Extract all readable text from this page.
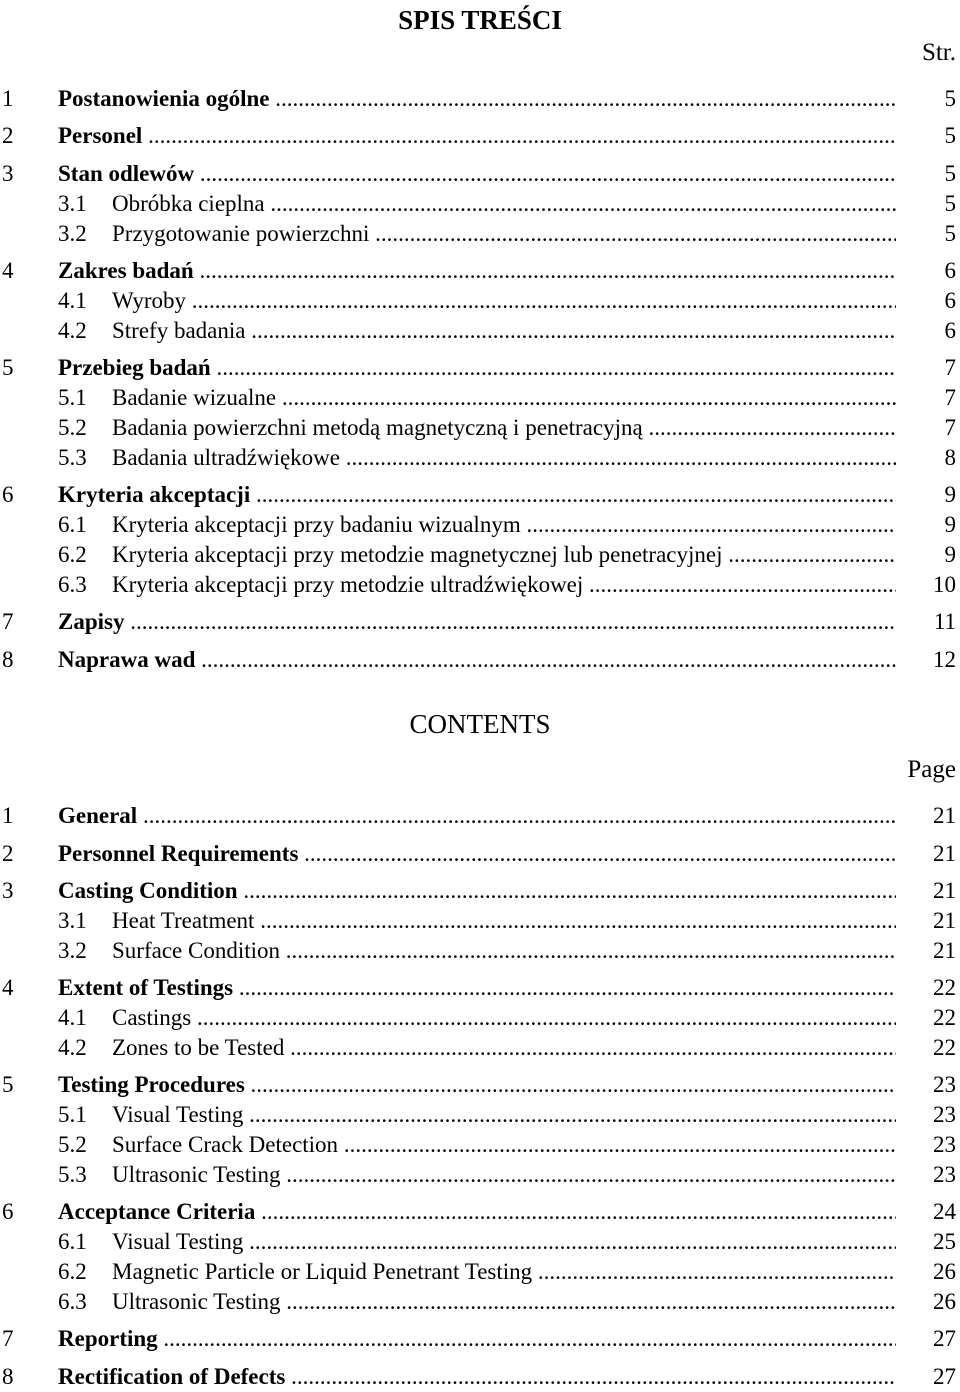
SPIS TREŚCI
Str.
1 Postanowienia ogólne .....	5
2 Personel .....	5
3 Stan odlewów .....	5
3.1 Obróbka cieplna .....	5
3.2 Przygotowanie powierzchni .....	5
4 Zakres badań .....	6
4.1 Wyroby .....	6
4.2 Strefy badania .....	6
5 Przebieg badań .....	7
5.1 Badanie wizualne .....	7
5.2 Badania powierzchni metodą magnetyczną i penetracyjną .....	7
5.3 Badania ultradźwiękowe .....	8
6 Kryteria akceptacji .....	9
6.1 Kryteria akceptacji przy badaniu wizualnym .....	9
6.2 Kryteria akceptacji przy metodzie magnetycznej lub penetracyjnej .....	9
6.3 Kryteria akceptacji przy metodzie ultradźwiękowej .....	10
7 Zapisy .....	11
8 Naprawa wad .....	12
CONTENTS
Page
1 General .....	21
2 Personnel Requirements .....	21
3 Casting Condition .....	21
3.1 Heat Treatment .....	21
3.2 Surface Condition .....	21
4 Extent of Testings .....	22
4.1 Castings .....	22
4.2 Zones to be Tested .....	22
5 Testing Procedures .....	23
5.1 Visual Testing .....	23
5.2 Surface Crack Detection .....	23
5.3 Ultrasonic Testing .....	23
6 Acceptance Criteria .....	24
6.1 Visual Testing .....	25
6.2 Magnetic Particle or Liquid Penetrant Testing .....	26
6.3 Ultrasonic Testing .....	26
7 Reporting .....	27
8 Rectification of Defects .....	27
